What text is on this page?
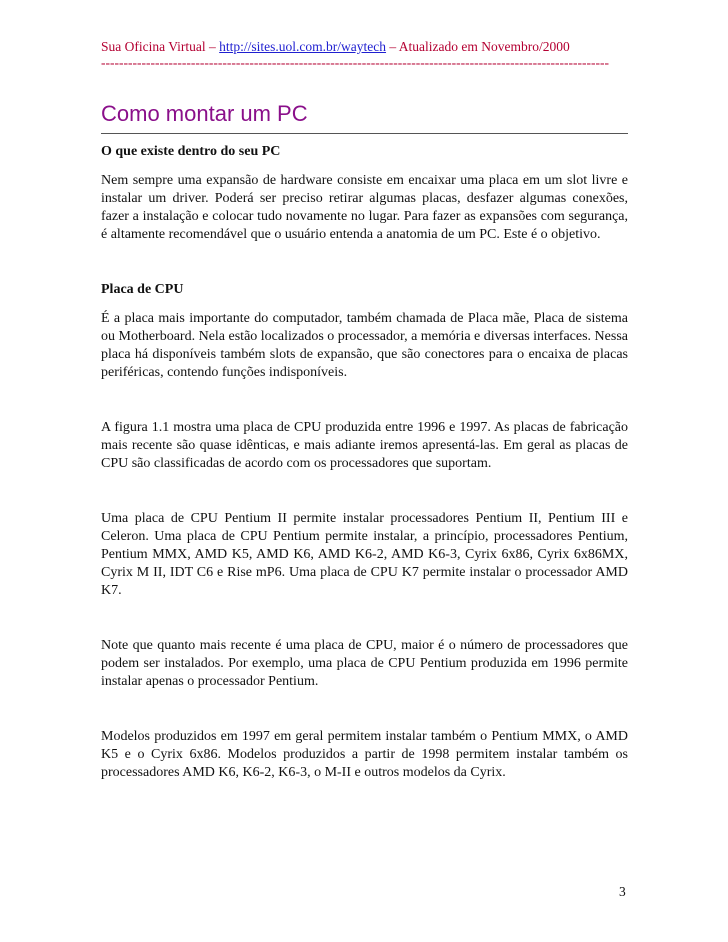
Sua Oficina Virtual – http://sites.uol.com.br/waytech – Atualizado em Novembro/2000
-----------------------------------------------------------------------------------------------------------------
Como montar um PC
O que existe dentro do seu PC

Nem sempre uma expansão de hardware consiste em encaixar uma placa em um slot livre e instalar um driver. Poderá ser preciso retirar algumas placas, desfazer algumas conexões, fazer a instalação e colocar tudo novamente no lugar. Para fazer as expansões com segurança, é altamente recomendável que o usuário entenda a anatomia de um PC. Este é o objetivo.

Placa de CPU

É a placa mais importante do computador, também chamada de Placa mãe, Placa de sistema ou Motherboard. Nela estão localizados o processador, a memória e diversas interfaces. Nessa placa há disponíveis também slots de expansão, que são conectores para o encaixa de placas periféricas, contendo funções indisponíveis.

A figura 1.1 mostra uma placa de CPU produzida entre 1996 e 1997. As placas de fabricação mais recente são quase idênticas, e mais adiante iremos apresentá-las. Em geral as placas de CPU são classificadas de acordo com os processadores que suportam.

Uma placa de CPU Pentium II permite instalar processadores Pentium II, Pentium III e Celeron. Uma placa de CPU Pentium permite instalar, a princípio, processadores Pentium, Pentium MMX, AMD K5, AMD K6, AMD K6-2, AMD K6-3, Cyrix 6x86, Cyrix 6x86MX, Cyrix M II, IDT C6 e Rise mP6. Uma placa de CPU K7 permite instalar o processador AMD K7.

Note que quanto mais recente é uma placa de CPU, maior é o número de processadores que podem ser instalados. Por exemplo, uma placa de CPU Pentium produzida em 1996 permite instalar apenas o processador Pentium.

Modelos produzidos em 1997 em geral permitem instalar também o Pentium MMX, o AMD K5 e o Cyrix 6x86. Modelos produzidos a partir de 1998 permitem instalar também os processadores AMD K6, K6-2, K6-3, o M-II e outros modelos da Cyrix.

3
